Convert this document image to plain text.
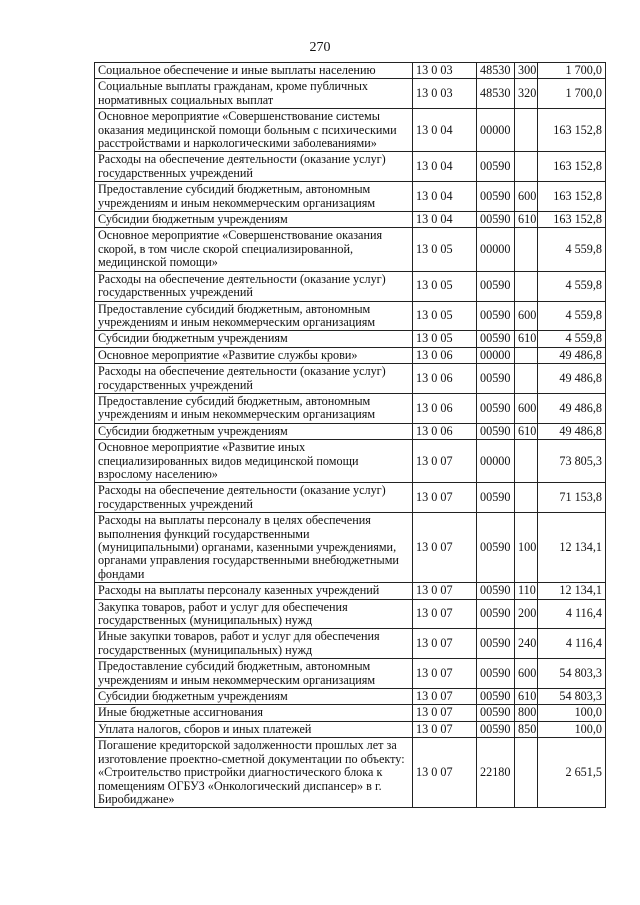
270
Социальное обеспечение и иные выплаты населению	13 0 03	48530	300	1 700,0
Социальные выплаты гражданам, кроме публичных нормативных социальных выплат	13 0 03	48530	320	1 700,0
Основное мероприятие «Совершенствование системы оказания медицинской помощи больным с психическими расстройствами и наркологическими заболеваниями»	13 0 04	00000		163 152,8
Расходы на обеспечение деятельности (оказание услуг) государственных учреждений	13 0 04	00590		163 152,8
Предоставление субсидий бюджетным, автономным учреждениям и иным некоммерческим организациям	13 0 04	00590	600	163 152,8
Субсидии бюджетным учреждениям	13 0 04	00590	610	163 152,8
Основное мероприятие «Совершенствование оказания скорой, в том числе скорой специализированной, медицинской помощи»	13 0 05	00000		4 559,8
Расходы на обеспечение деятельности (оказание услуг) государственных учреждений	13 0 05	00590		4 559,8
Предоставление субсидий бюджетным, автономным учреждениям и иным некоммерческим организациям	13 0 05	00590	600	4 559,8
Субсидии бюджетным учреждениям	13 0 05	00590	610	4 559,8
Основное мероприятие «Развитие службы крови»	13 0 06	00000		49 486,8
Расходы на обеспечение деятельности (оказание услуг) государственных учреждений	13 0 06	00590		49 486,8
Предоставление субсидий бюджетным, автономным учреждениям и иным некоммерческим организациям	13 0 06	00590	600	49 486,8
Субсидии бюджетным учреждениям	13 0 06	00590	610	49 486,8
Основное мероприятие «Развитие иных специализированных видов медицинской помощи взрослому населению»	13 0 07	00000		73 805,3
Расходы на обеспечение деятельности (оказание услуг) государственных учреждений	13 0 07	00590		71 153,8
Расходы на выплаты персоналу в целях обеспечения выполнения функций государственными (муниципальными) органами, казенными учреждениями, органами управления государственными внебюджетными фондами	13 0 07	00590	100	12 134,1
Расходы на выплаты персоналу казенных учреждений	13 0 07	00590	110	12 134,1
Закупка товаров, работ и услуг для обеспечения государственных (муниципальных) нужд	13 0 07	00590	200	4 116,4
Иные закупки товаров, работ и услуг для обеспечения государственных (муниципальных) нужд	13 0 07	00590	240	4 116,4
Предоставление субсидий бюджетным, автономным учреждениям и иным некоммерческим организациям	13 0 07	00590	600	54 803,3
Субсидии бюджетным учреждениям	13 0 07	00590	610	54 803,3
Иные бюджетные ассигнования	13 0 07	00590	800	100,0
Уплата налогов, сборов и иных платежей	13 0 07	00590	850	100,0
Погашение кредиторской задолженности прошлых лет за изготовление проектно-сметной документации по объекту: «Строительство пристройки диагностического блока к помещениям ОГБУЗ «Онкологический диспансер» в г. Биробиджане»	13 0 07	22180		2 651,5
